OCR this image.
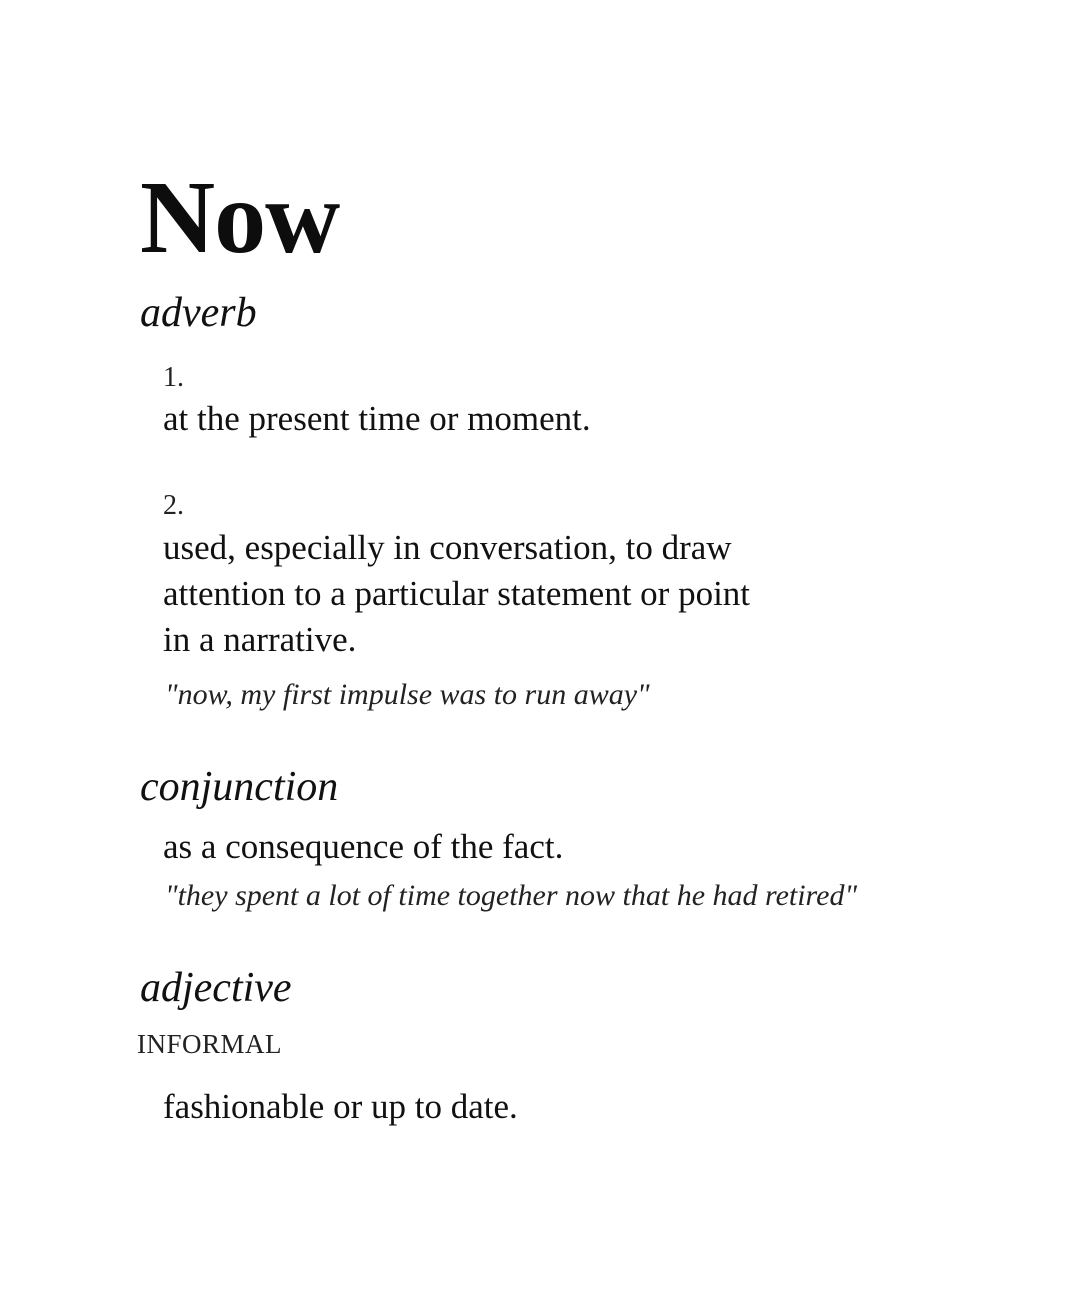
Now
adverb
1.
at the present time or moment.
2.
used, especially in conversation, to draw
attention to a particular statement or point
in a narrative.
"now, my first impulse was to run away"
conjunction
as a consequence of the fact.
"they spent a lot of time together now that he had retired"
adjective
INFORMAL
fashionable or up to date.
